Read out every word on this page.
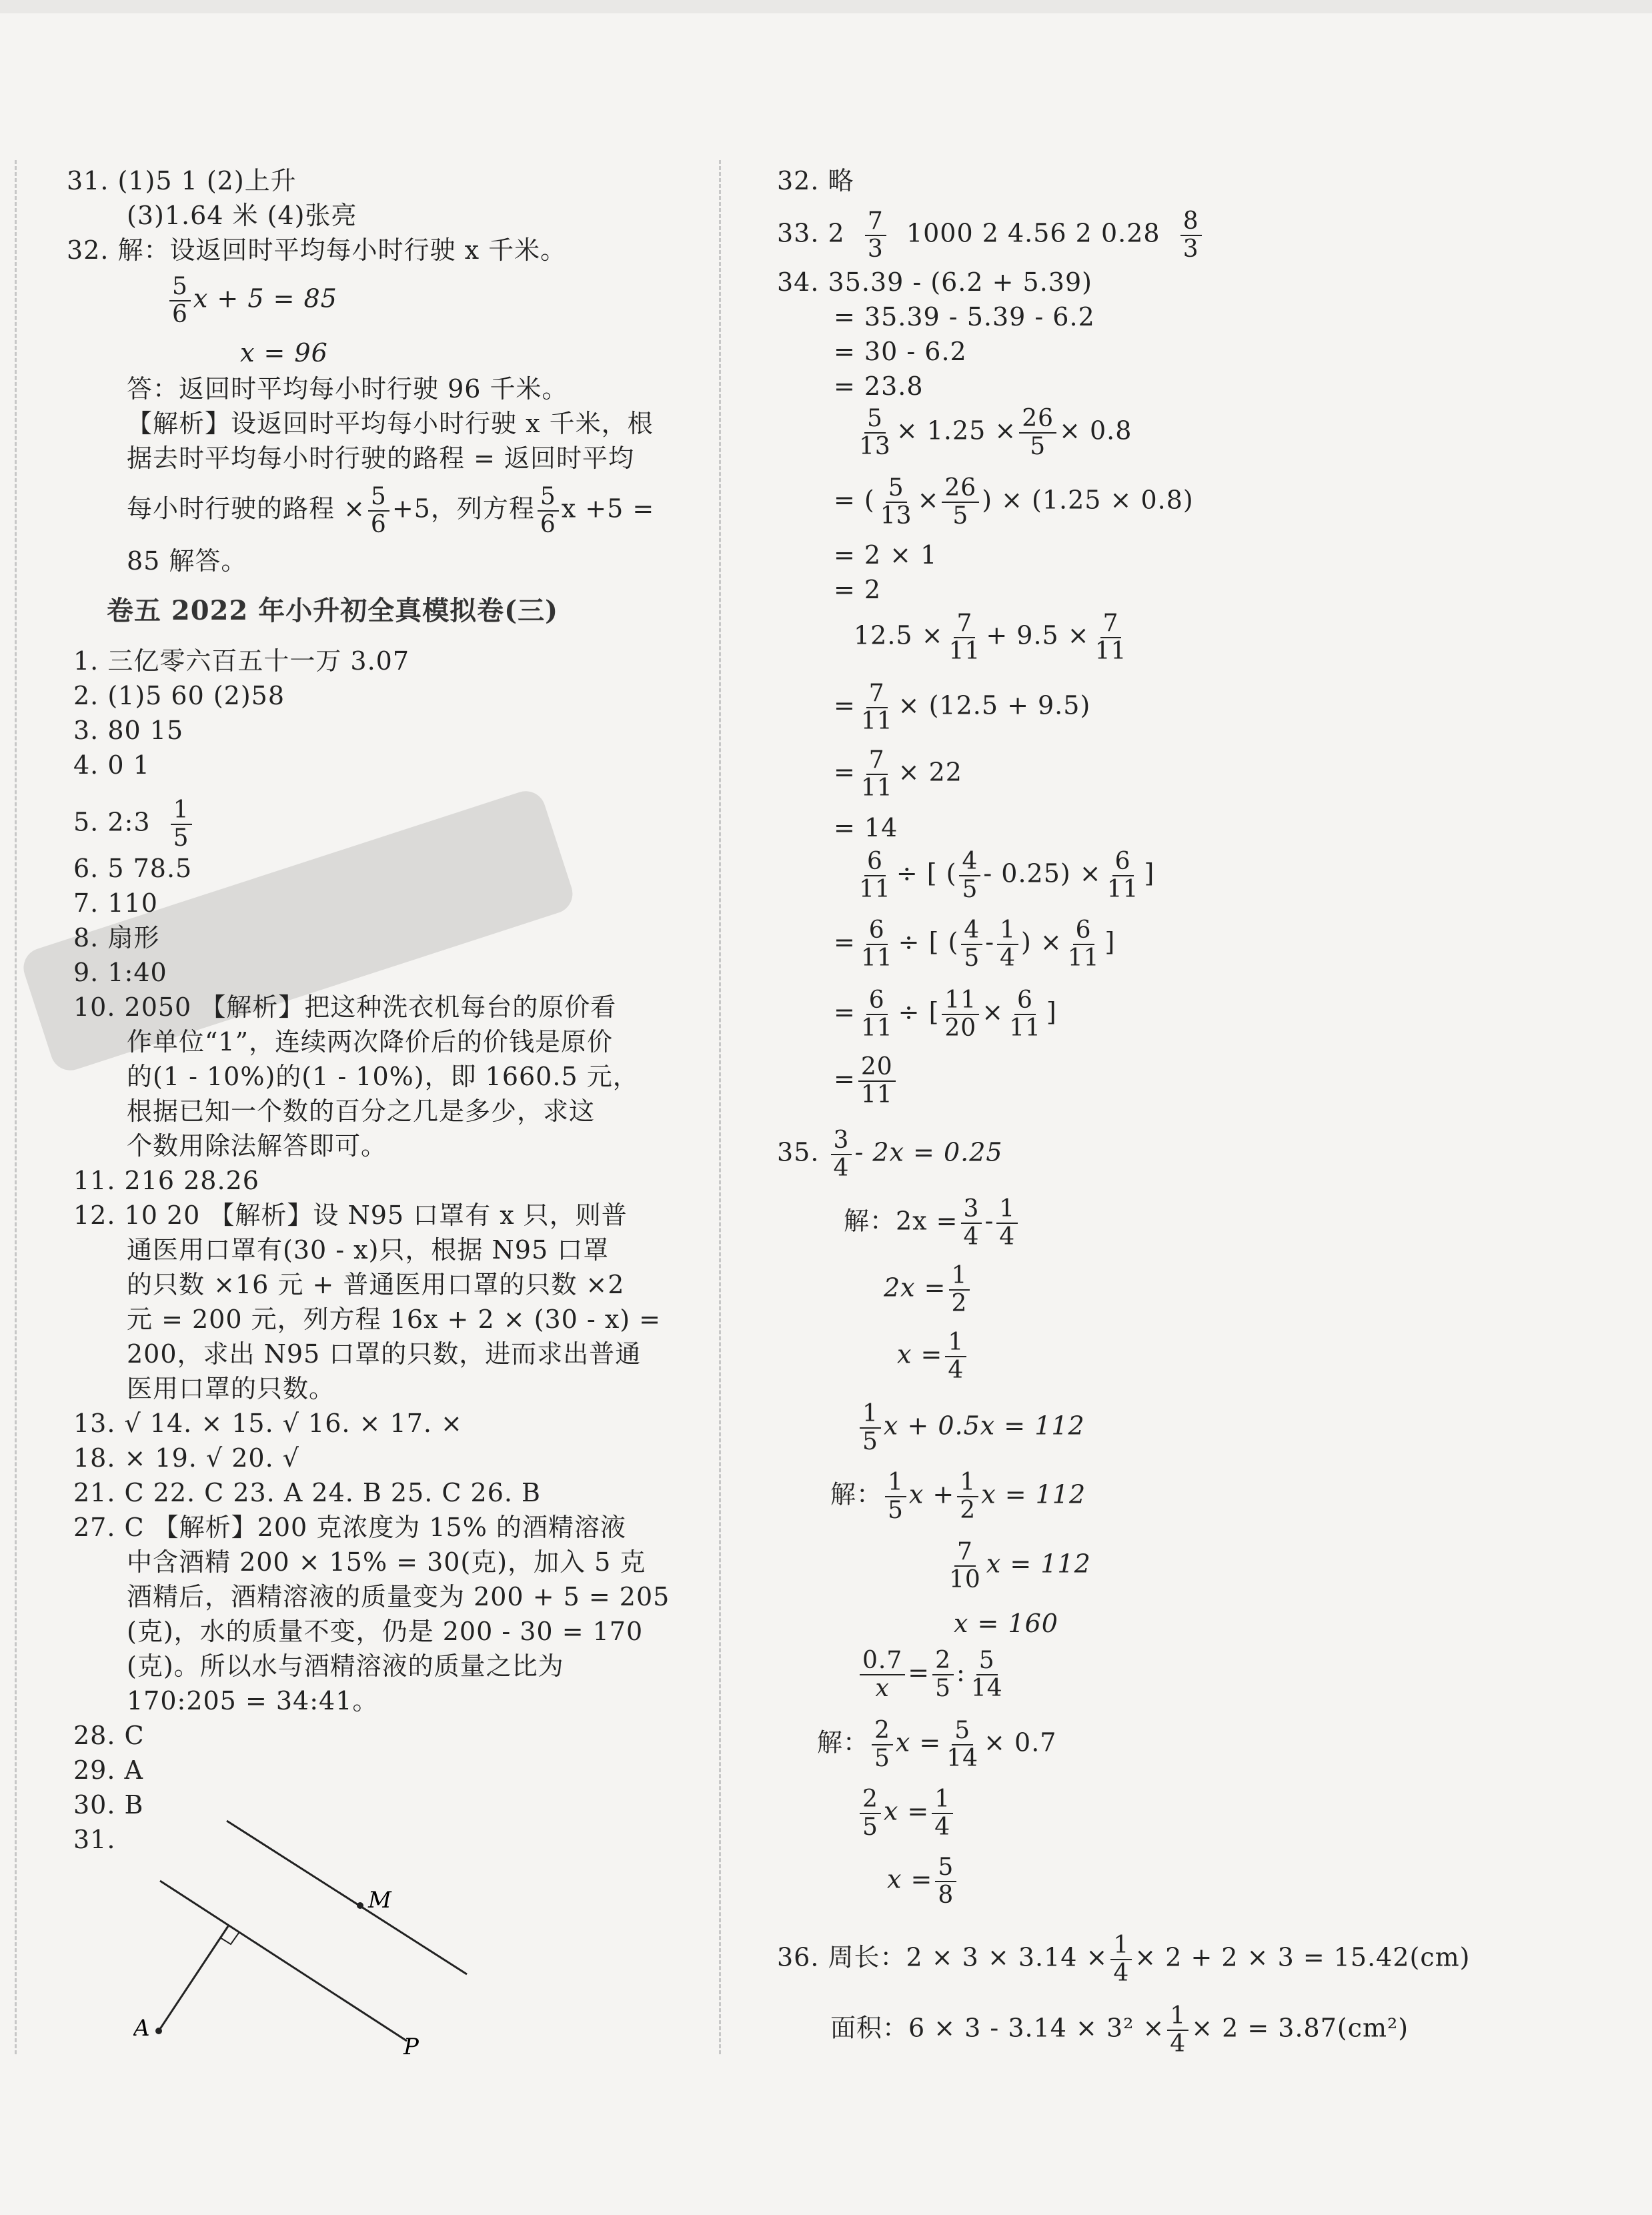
31. (1)5 1 (2)上升
(3)1.64 米 (4)张亮
32. 解：设返回时平均每小时行驶 x 千米。
$\frac{5}{6}$ x + 5 = 85
x = 96
答：返回时平均每小时行驶 96 千米。
【解析】设返回时平均每小时行驶 x 千米，根
据去时平均每小时行驶的路程 = 返回时平均
每小时行驶的路程 × $\frac{5}{6} +5$，列方程 $\frac{5}{6}$ x +5 =
85 解答。
卷五 2022 年小升初全真模拟卷(三)
1. 三亿零六百五十一万 3.07
2. (1)5 60 (2)58
3. 80 15
4. 0 1
5. 2:3 $\frac{1}{5}$
6. 5 78.5
7. 110
8. 扇形
9. 1:40
10. 2050 【解析】把这种洗衣机每台的原价看
作单位“1”，连续两次降价后的价钱是原价
的(1 - 10%)的(1 - 10%)，即 1660.5 元，
根据已知一个数的百分之几是多少，求这
个数用除法解答即可。
11. 216 28.26
12. 10 20 【解析】设 N95 口罩有 x 只，则普
通医用口罩有(30 - x)只，根据 N95 口罩
的只数 ×16 元 + 普通医用口罩的只数 ×2
元 = 200 元，列方程 16x + 2 × (30 - x) =
200，求出 N95 口罩的只数，进而求出普通
医用口罩的只数。
13. √ 14. × 15. √ 16. × 17. ×
18. × 19. √ 20. √
21. C 22. C 23. A 24. B 25. C 26. B
27. C 【解析】200 克浓度为 15% 的酒精溶液
中含酒精 200 × 15% = 30(克)，加入 5 克
酒精后，酒精溶液的质量变为 200 + 5 = 205
(克)，水的质量不变，仍是 200 - 30 = 170
(克)。所以水与酒精溶液的质量之比为
170:205 = 34:41。
28. C
29. A
30. B
31.
M
A
P
32. 略
33. $2 \frac{7}{3} 1000$ 2 4.56 2 $0.28 \frac{8}{3}$
34. 35.39 - (6.2 + 5.39)
= 35.39 - 5.39 - 6.2
= 30 - 6.2
= 23.8
$\frac{5}{13} \times 1.25 \times \frac{26}{5} \times 0.8$
= ( $\frac{5}{13} \times \frac{26}{5}$ ) × (1.25 × 0.8)
= 2 × 1
= 2
$12.5 \times \frac{7}{11} + 9.5 \times \frac{7}{11}$
= $\frac{7}{11} \times (12.5 + 9.5)$
= $\frac{7}{11} \times 22$
= 14
$\frac{6}{11}$ ÷ [ ( $\frac{4}{5} - 0.25) \times \frac{6}{11}$ ]
= $\frac{6}{11}$ ÷ [ ( $\frac{4}{5} - \frac{1}{4}$ ) × $\frac{6}{11}$ ]
= $\frac{6}{11}$ ÷ [ $\frac{11}{20} \times \frac{6}{11}$ ]
= $\frac{20}{11}$
35. $\frac{3}{4} - 2x = 0.25$
解：$2x = \frac{3}{4} - \frac{1}{4}$
$2x = \frac{1}{2}$
$x = \frac{1}{4}$
$\frac{1}{5}$ x + 0.5x = 112
解： $\frac{1}{5}$ $x + \frac{1}{2}$ x = 112
$\frac{7}{10}$ x = 112
x = 160
$\frac{0.7}{x} = \frac{2}{5}$ : $\frac{5}{14}$
解： $\frac{2}{5}$ $x = \frac{5}{14} \times 0.7$
$\frac{2}{5}$ $x = \frac{1}{4}$
$x = \frac{5}{8}$
36. 周长：$2 \times 3 \times 3.14 \times \frac{1}{4} \times 2 + 2 \times 3 = 15.42(cm)$
面积：$6 \times 3 - 3.14 \times 3^2 \times \frac{1}{4} \times 2 = 3.87(cm^2)$
